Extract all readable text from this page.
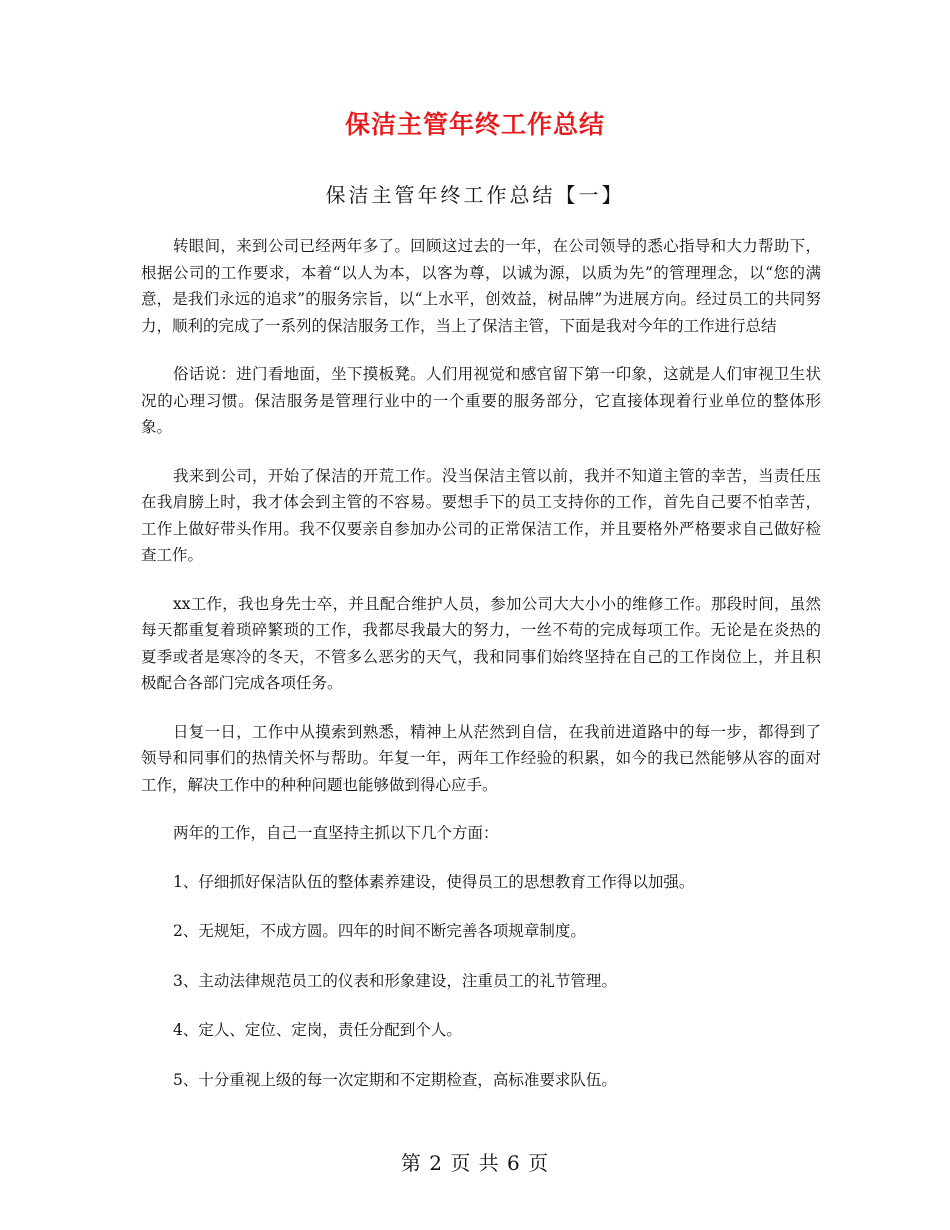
保洁主管年终工作总结
保洁主管年终工作总结【一】

转眼间，来到公司已经两年多了。回顾这过去的一年，在公司领导的悉心指导和大力帮助下，根据公司的工作要求，本着“以人为本，以客为尊，以诚为源，以质为先”的管理理念，以“您的满意，是我们永远的追求”的服务宗旨，以“上水平，创效益，树品牌”为进展方向。经过员工的共同努力，顺利的完成了一系列的保洁服务工作，当上了保洁主管，下面是我对今年的工作进行总结

俗话说：进门看地面，坐下摸板凳。人们用视觉和感官留下第一印象，这就是人们审视卫生状况的心理习惯。保洁服务是管理行业中的一个重要的服务部分，它直接体现着行业单位的整体形象。

我来到公司，开始了保洁的开荒工作。没当保洁主管以前，我并不知道主管的幸苦，当责任压在我肩膀上时，我才体会到主管的不容易。要想手下的员工支持你的工作，首先自己要不怕幸苦，工作上做好带头作用。我不仅要亲自参加办公司的正常保洁工作，并且要格外严格要求自己做好检查工作。

xx工作，我也身先士卒，并且配合维护人员，参加公司大大小小的维修工作。那段时间，虽然每天都重复着琐碎繁琐的工作，我都尽我最大的努力，一丝不苟的完成每项工作。无论是在炎热的夏季或者是寒冷的冬天，不管多么恶劣的天气，我和同事们始终坚持在自己的工作岗位上，并且积极配合各部门完成各项任务。

日复一日，工作中从摸索到熟悉，精神上从茫然到自信，在我前进道路中的每一步，都得到了领导和同事们的热情关怀与帮助。年复一年，两年工作经验的积累，如今的我已然能够从容的面对工作，解决工作中的种种问题也能够做到得心应手。

两年的工作，自己一直坚持主抓以下几个方面：

1、仔细抓好保洁队伍的整体素养建设，使得员工的思想教育工作得以加强。

2、无规矩，不成方圆。四年的时间不断完善各项规章制度。

3、主动法律规范员工的仪表和形象建设，注重员工的礼节管理。

4、定人、定位、定岗，责任分配到个人。

5、十分重视上级的每一次定期和不定期检查，高标准要求队伍。

第 2 页 共 6 页
